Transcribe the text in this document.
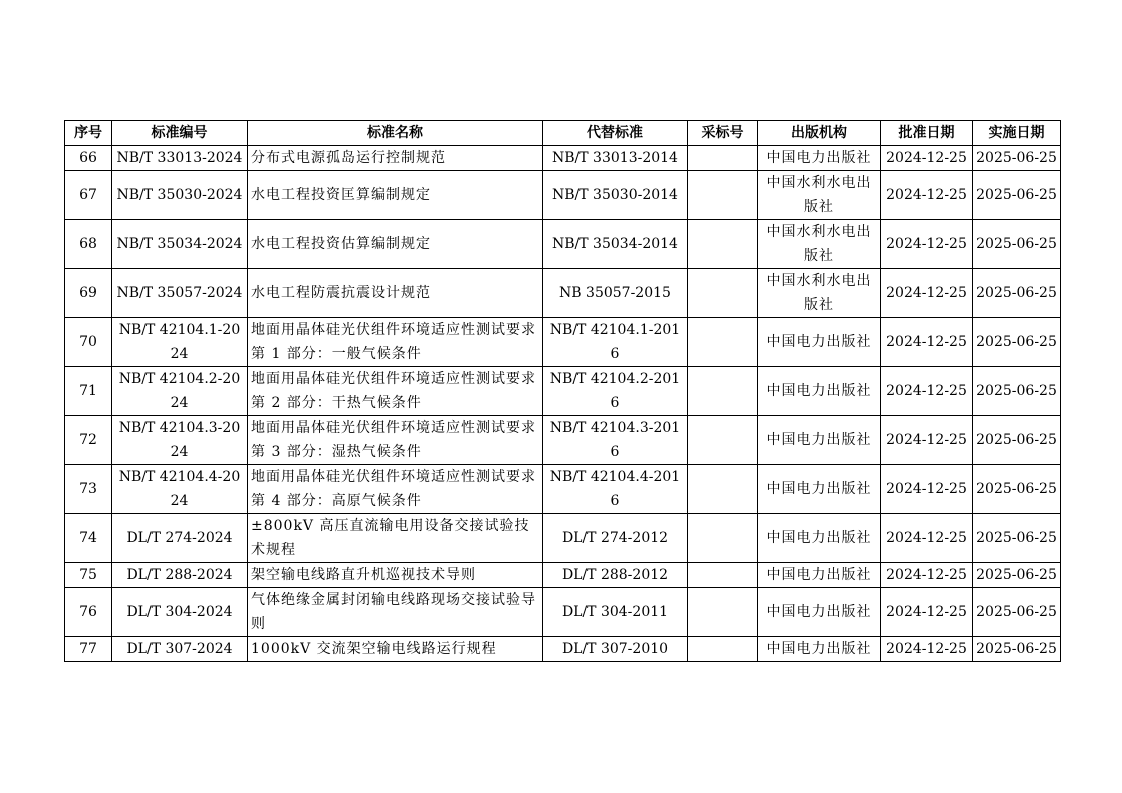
序号	标准编号	标准名称	代替标准	采标号	出版机构	批准日期	实施日期
66	NB/T 33013-2024	分布式电源孤岛运行控制规范	NB/T 33013-2014		中国电力出版社	2024-12-25	2025-06-25
67	NB/T 35030-2024	水电工程投资匡算编制规定	NB/T 35030-2014		中国水利水电出版社	2024-12-25	2025-06-25
68	NB/T 35034-2024	水电工程投资估算编制规定	NB/T 35034-2014		中国水利水电出版社	2024-12-25	2025-06-25
69	NB/T 35057-2024	水电工程防震抗震设计规范	NB 35057-2015		中国水利水电出版社	2024-12-25	2025-06-25
70	NB/T 42104.1-2024	地面用晶体硅光伏组件环境适应性测试要求 第 1 部分：一般气候条件	NB/T 42104.1-2016		中国电力出版社	2024-12-25	2025-06-25
71	NB/T 42104.2-2024	地面用晶体硅光伏组件环境适应性测试要求 第 2 部分：干热气候条件	NB/T 42104.2-2016		中国电力出版社	2024-12-25	2025-06-25
72	NB/T 42104.3-2024	地面用晶体硅光伏组件环境适应性测试要求 第 3 部分：湿热气候条件	NB/T 42104.3-2016		中国电力出版社	2024-12-25	2025-06-25
73	NB/T 42104.4-2024	地面用晶体硅光伏组件环境适应性测试要求 第 4 部分：高原气候条件	NB/T 42104.4-2016		中国电力出版社	2024-12-25	2025-06-25
74	DL/T 274-2024	±800kV 高压直流输电用设备交接试验技术规程	DL/T 274-2012		中国电力出版社	2024-12-25	2025-06-25
75	DL/T 288-2024	架空输电线路直升机巡视技术导则	DL/T 288-2012		中国电力出版社	2024-12-25	2025-06-25
76	DL/T 304-2024	气体绝缘金属封闭输电线路现场交接试验导则	DL/T 304-2011		中国电力出版社	2024-12-25	2025-06-25
77	DL/T 307-2024	1000kV 交流架空输电线路运行规程	DL/T 307-2010		中国电力出版社	2024-12-25	2025-06-25
